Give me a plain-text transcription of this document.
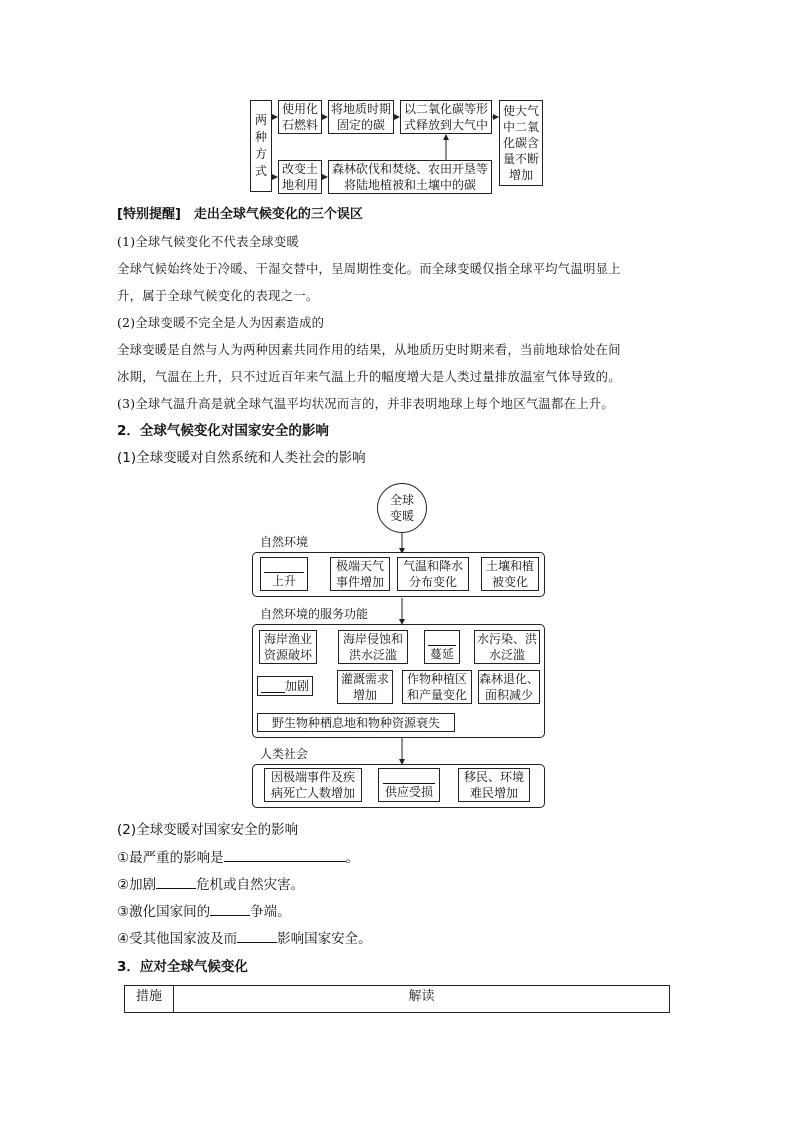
两
种
方
式
使用化
石燃料
将地质时期
固定的碳
以二氧化碳等形
式释放到大气中
改变土
地利用
森林砍伐和焚烧、农田开垦等
将陆地植被和土壤中的碳
使大气
中二氧
化碳含
量不断
增加
[特别提醒]　走出全球气候变化的三个误区
(1)全球气候变化不代表全球变暖
全球气候始终处于冷暖、干湿交替中，呈周期性变化。而全球变暖仅指全球平均气温明显上
升，属于全球气候变化的表现之一。
(2)全球变暖不完全是人为因素造成的
全球变暖是自然与人为两种因素共同作用的结果，从地质历史时期来看，当前地球恰处在间
冰期，气温在上升，只不过近百年来气温上升的幅度增大是人类过量排放温室气体导致的。
(3)全球气温升高是就全球气温平均状况而言的，并非表明地球上每个地区气温都在上升。
2．全球气候变化对国家安全的影响
(1)全球变暖对自然系统和人类社会的影响
全球
变暖
自然环境
上升
极端天气
事件增加
气温和降水
分布变化
土壤和植
被变化
自然环境的服务功能
海岸渔业
资源破坏
海岸侵蚀和
洪水泛滥	蔓延
水污染、洪
水泛滥
加剧	灌溉需求
增加
作物种植区
和产量变化
森林退化、
面积减少
野生物种栖息地和物种资源衰失
人类社会
因极端事件及疾
病死亡人数增加 供应受损
移民、环境
难民增加
(2)全球变暖对国家安全的影响
①最严重的影响是	。
②加剧	危机或自然灾害。
③激化国家间的	争端。
④受其他国家波及而	影响国家安全。
3．应对全球气候变化
措施	解读
